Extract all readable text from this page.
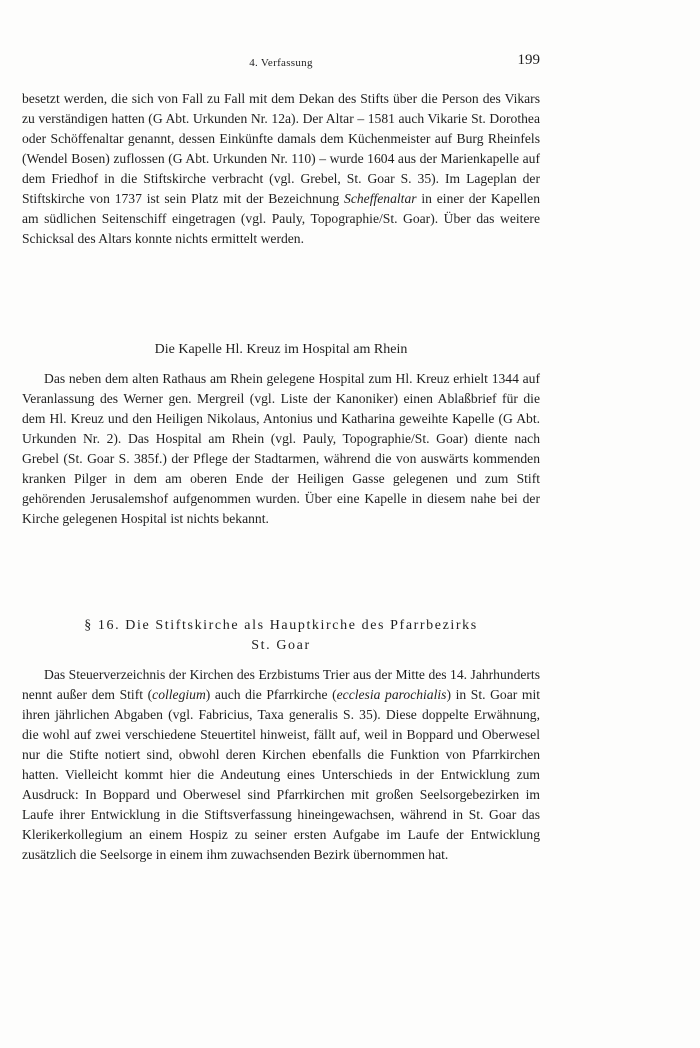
4. Verfassung	199

besetzt werden, die sich von Fall zu Fall mit dem Dekan des Stifts über die Person des Vikars zu verständigen hatten (G Abt. Urkunden Nr. 12a). Der Altar – 1581 auch Vikarie St. Dorothea oder Schöffenaltar genannt, dessen Einkünfte damals dem Küchenmeister auf Burg Rheinfels (Wendel Bosen) zuflossen (G Abt. Urkunden Nr. 110) – wurde 1604 aus der Marienkapelle auf dem Friedhof in die Stiftskirche verbracht (vgl. Grebel, St. Goar S. 35). Im Lageplan der Stiftskirche von 1737 ist sein Platz mit der Bezeichnung Scheffenaltar in einer der Kapellen am südlichen Seitenschiff eingetragen (vgl. Pauly, Topographie/St. Goar). Über das weitere Schicksal des Altars konnte nichts ermittelt werden.

Die Kapelle Hl. Kreuz im Hospital am Rhein

Das neben dem alten Rathaus am Rhein gelegene Hospital zum Hl. Kreuz erhielt 1344 auf Veranlassung des Werner gen. Mergreil (vgl. Liste der Kanoniker) einen Ablaßbrief für die dem Hl. Kreuz und den Heiligen Nikolaus, Antonius und Katharina geweihte Kapelle (G Abt. Urkunden Nr. 2). Das Hospital am Rhein (vgl. Pauly, Topographie/St. Goar) diente nach Grebel (St. Goar S. 385f.) der Pflege der Stadtarmen, während die von auswärts kommenden kranken Pilger in dem am oberen Ende der Heiligen Gasse gelegenen und zum Stift gehörenden Jerusalemshof aufgenommen wurden. Über eine Kapelle in diesem nahe bei der Kirche gelegenen Hospital ist nichts bekannt.

§ 16. Die Stiftskirche als Hauptkirche des Pfarrbezirks
St. Goar

Das Steuerverzeichnis der Kirchen des Erzbistums Trier aus der Mitte des 14. Jahrhunderts nennt außer dem Stift (collegium) auch die Pfarrkirche (ecclesia parochialis) in St. Goar mit ihren jährlichen Abgaben (vgl. Fabricius, Taxa generalis S. 35). Diese doppelte Erwähnung, die wohl auf zwei verschiedene Steuertitel hinweist, fällt auf, weil in Boppard und Oberwesel nur die Stifte notiert sind, obwohl deren Kirchen ebenfalls die Funktion von Pfarrkirchen hatten. Vielleicht kommt hier die Andeutung eines Unterschieds in der Entwicklung zum Ausdruck: In Boppard und Oberwesel sind Pfarrkirchen mit großen Seelsorgebezirken im Laufe ihrer Entwicklung in die Stiftsverfassung hineingewachsen, während in St. Goar das Klerikerkollegium an einem Hospiz zu seiner ersten Aufgabe im Laufe der Entwicklung zusätzlich die Seelsorge in einem ihm zuwachsenden Bezirk übernommen hat.
